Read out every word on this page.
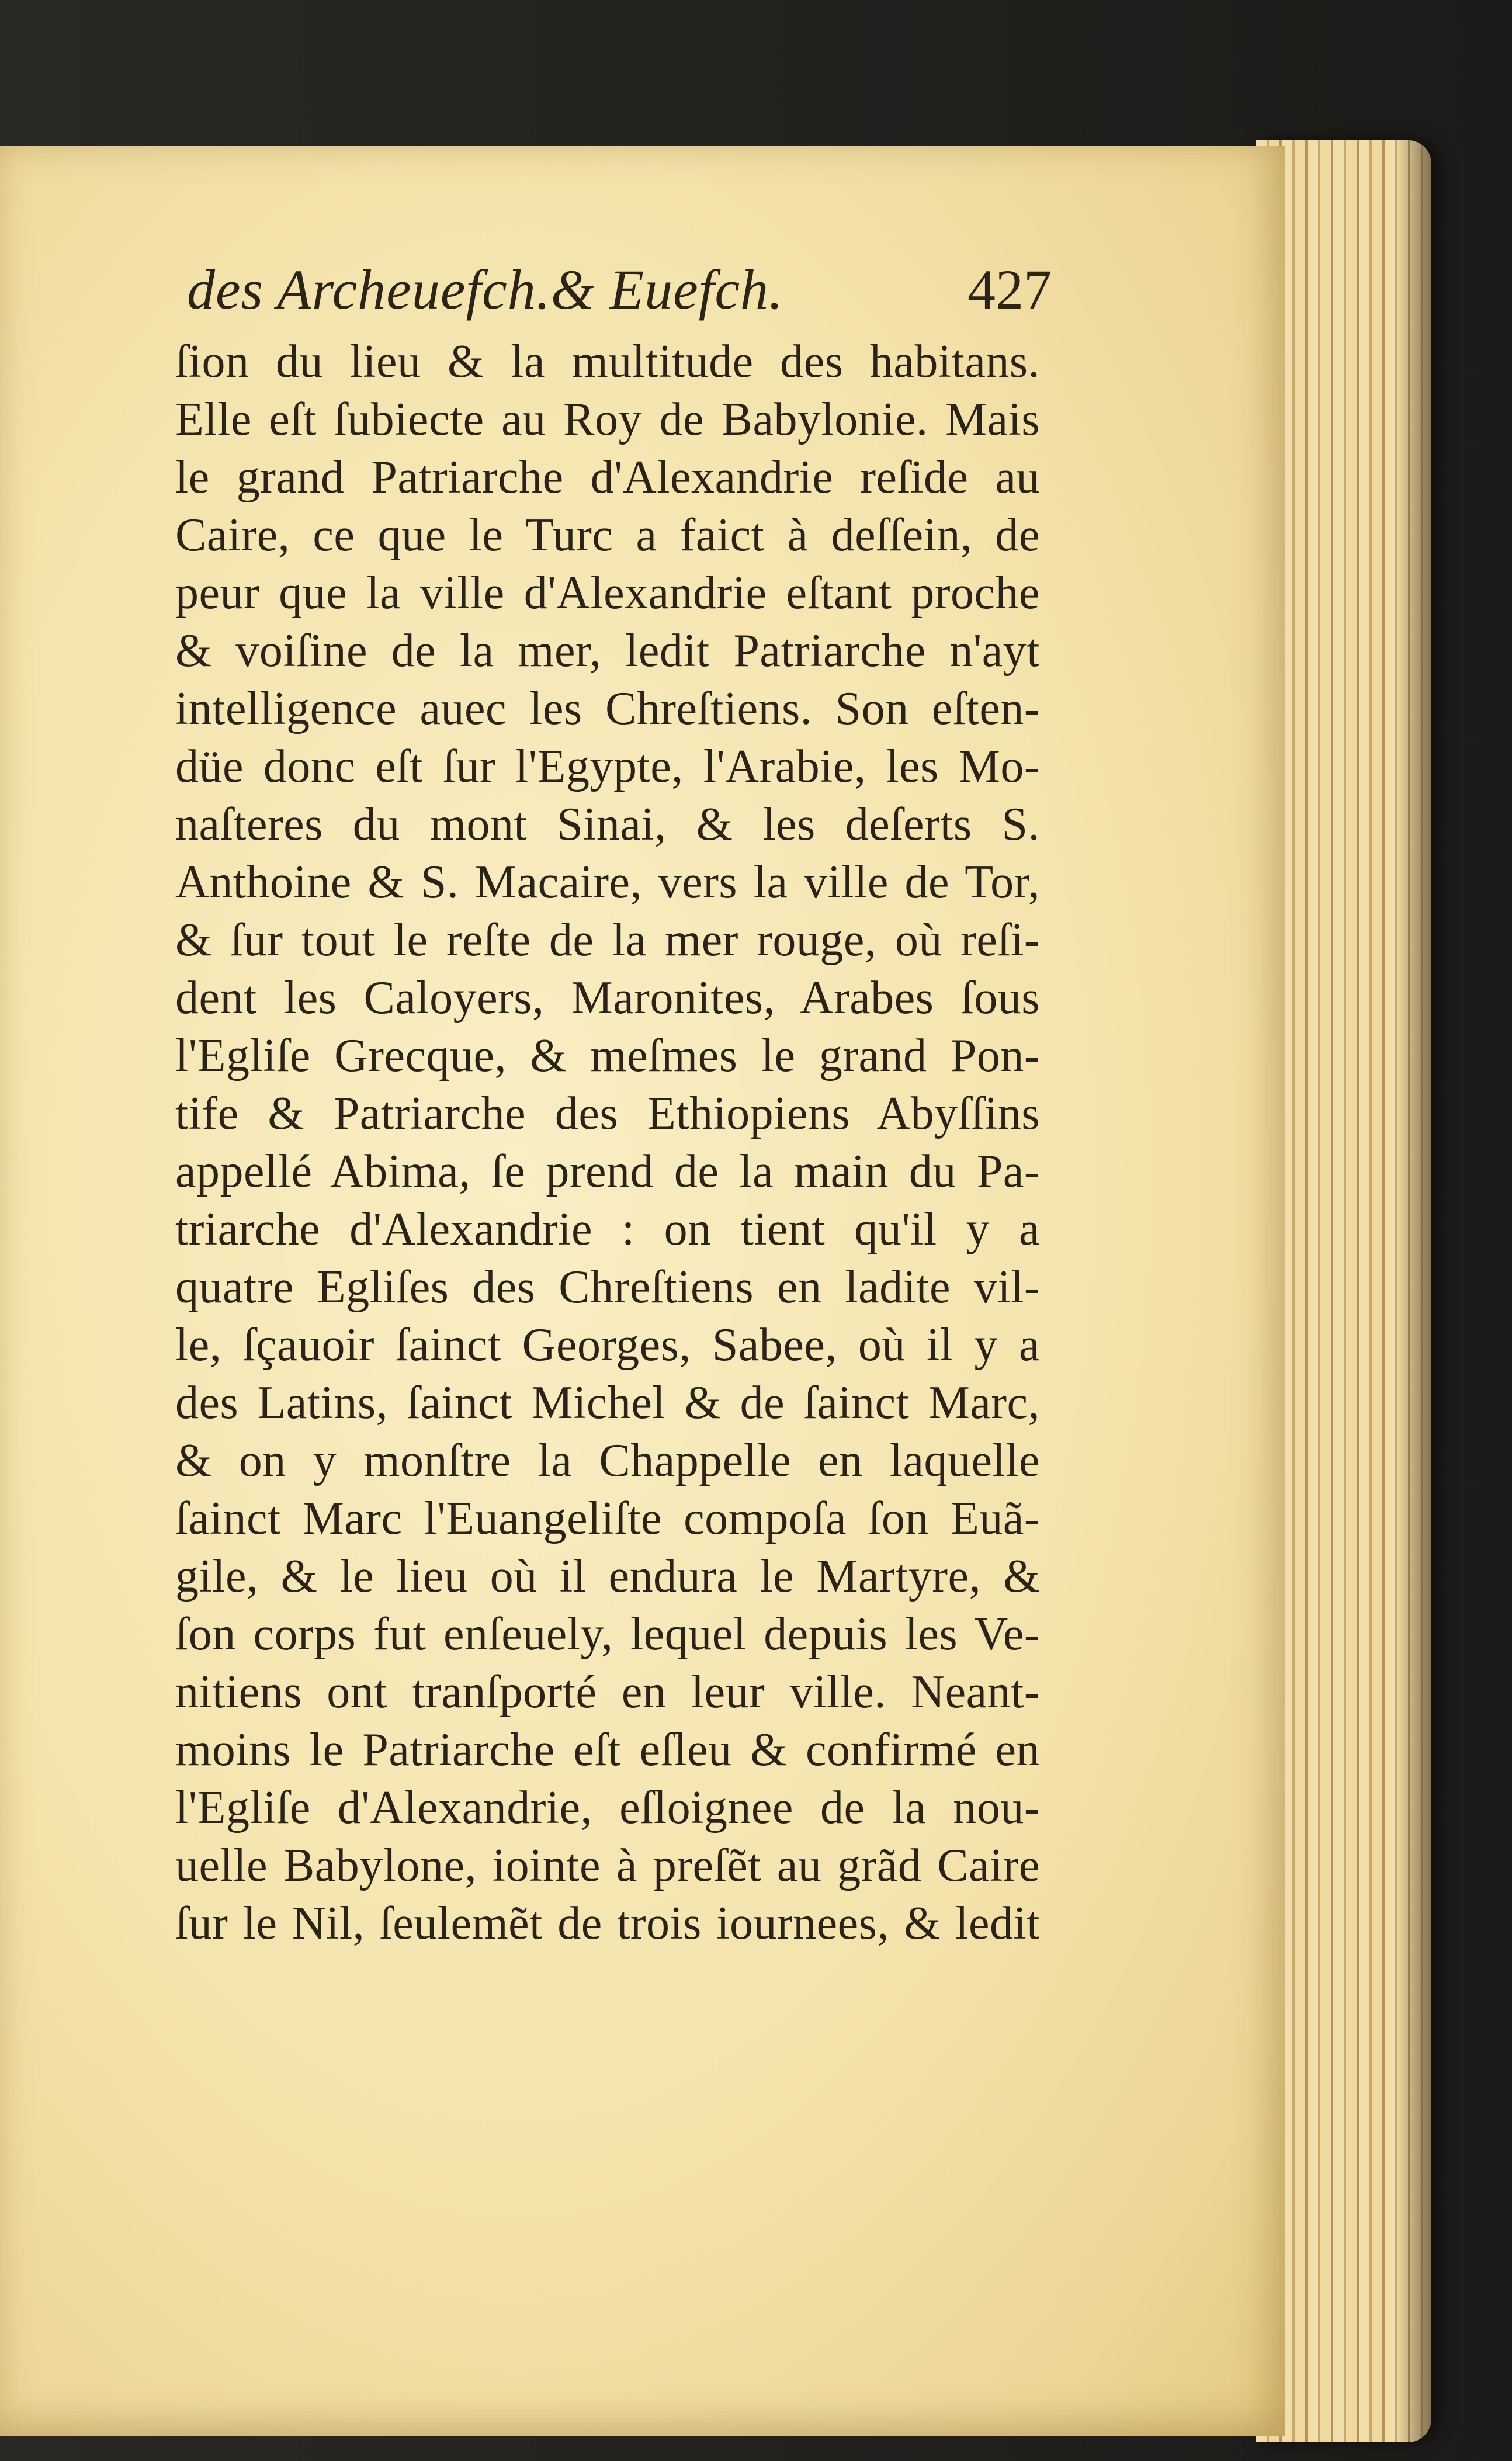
des Archeuefch.& Euefch.	427
ſion du lieu & la multitude des habitans.
Elle eſt ſubiecte au Roy de Babylonie. Mais
le grand Patriarche d'Alexandrie reſide au
Caire, ce que le Turc a faict à deſſein, de
peur que la ville d'Alexandrie eſtant proche
& voiſine de la mer, ledit Patriarche n'ayt
intelligence auec les Chreſtiens. Son eſten-
düe donc eſt ſur l'Egypte, l'Arabie, les Mo-
naſteres du mont Sinai, & les deſerts S.
Anthoine & S. Macaire, vers la ville de Tor,
& ſur tout le reſte de la mer rouge, où reſi-
dent les Caloyers, Maronites, Arabes ſous
l'Egliſe Grecque, & meſmes le grand Pon-
tife & Patriarche des Ethiopiens Abyſſins
appellé Abima, ſe prend de la main du Pa-
triarche d'Alexandrie : on tient qu'il y a
quatre Egliſes des Chreſtiens en ladite vil-
le, ſçauoir ſainct Georges, Sabee, où il y a
des Latins, ſainct Michel & de ſainct Marc,
& on y monſtre la Chappelle en laquelle
ſainct Marc l'Euangeliſte compoſa ſon Euã-
gile, & le lieu où il endura le Martyre, &
ſon corps fut enſeuely, lequel depuis les Ve-
nitiens ont tranſporté en leur ville. Neant-
moins le Patriarche eſt eſleu & confirmé en
l'Egliſe d'Alexandrie, eſloignee de la nou-
uelle Babylone, iointe à preſẽt au grãd Caire
ſur le Nil, ſeulemẽt de trois iournees, & ledit
